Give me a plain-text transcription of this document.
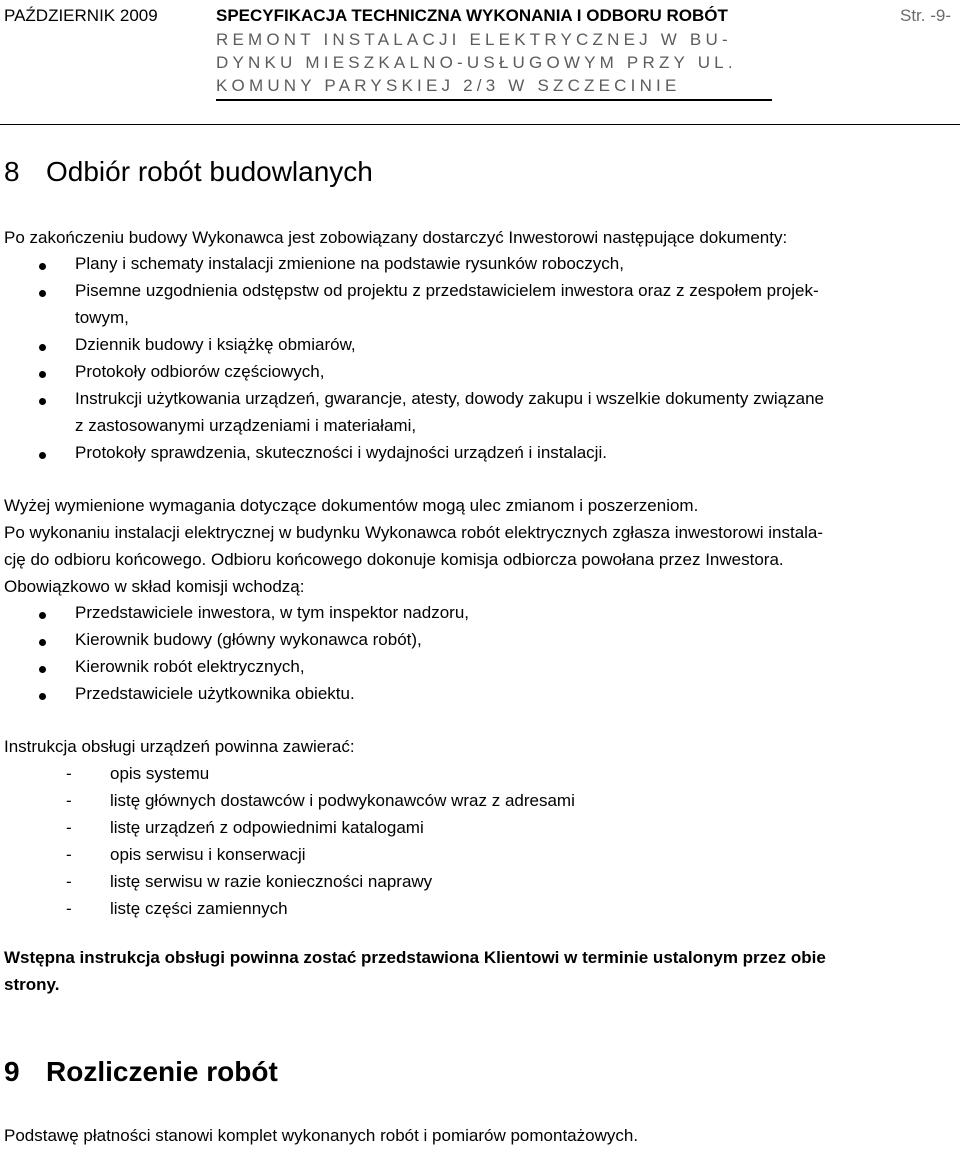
PAŹDZIERNIK 2009	SPECYFIKACJA TECHNICZNA WYKONANIA I ODBORU ROBÓT	Str. -9-
REMONT INSTALACJI ELEKTRYCZNEJ W BU-
DYNKU MIESZKALNO-USŁUGOWYM PRZY UL.
KOMUNY PARYSKIEJ 2/3 W SZCZECINIE
8 Odbiór robót budowlanych
Po zakończeniu budowy Wykonawca jest zobowiązany dostarczyć Inwestorowi następujące dokumenty:
Plany i schematy instalacji zmienione na podstawie rysunków roboczych,
Pisemne uzgodnienia odstępstw od projektu z przedstawicielem inwestora oraz z zespołem projek-
towym,
Dziennik budowy i książkę obmiarów,
Protokoły odbiorów częściowych,
Instrukcji użytkowania urządzeń, gwarancje, atesty, dowody zakupu i wszelkie dokumenty związane
z zastosowanymi urządzeniami i materiałami,
Protokoły sprawdzenia, skuteczności i wydajności urządzeń i instalacji.
Wyżej wymienione wymagania dotyczące dokumentów mogą ulec zmianom i poszerzeniom.
Po wykonaniu instalacji elektrycznej w budynku Wykonawca robót elektrycznych zgłasza inwestorowi instala-
cję do odbioru końcowego. Odbioru końcowego dokonuje komisja odbiorcza powołana przez Inwestora.
Obowiązkowo w skład komisji wchodzą:
Przedstawiciele inwestora, w tym inspektor nadzoru,
Kierownik budowy (główny wykonawca robót),
Kierownik robót elektrycznych,
Przedstawiciele użytkownika obiektu.
Instrukcja obsługi urządzeń powinna zawierać:
- opis systemu
- listę głównych dostawców i podwykonawców wraz z adresami
- listę urządzeń z odpowiednimi katalogami
- opis serwisu i konserwacji
- listę serwisu w razie konieczności naprawy
- listę części zamiennych
Wstępna instrukcja obsługi powinna zostać przedstawiona Klientowi w terminie ustalonym przez obie
strony.
9 Rozliczenie robót
Podstawę płatności stanowi komplet wykonanych robót i pomiarów pomontażowych.
